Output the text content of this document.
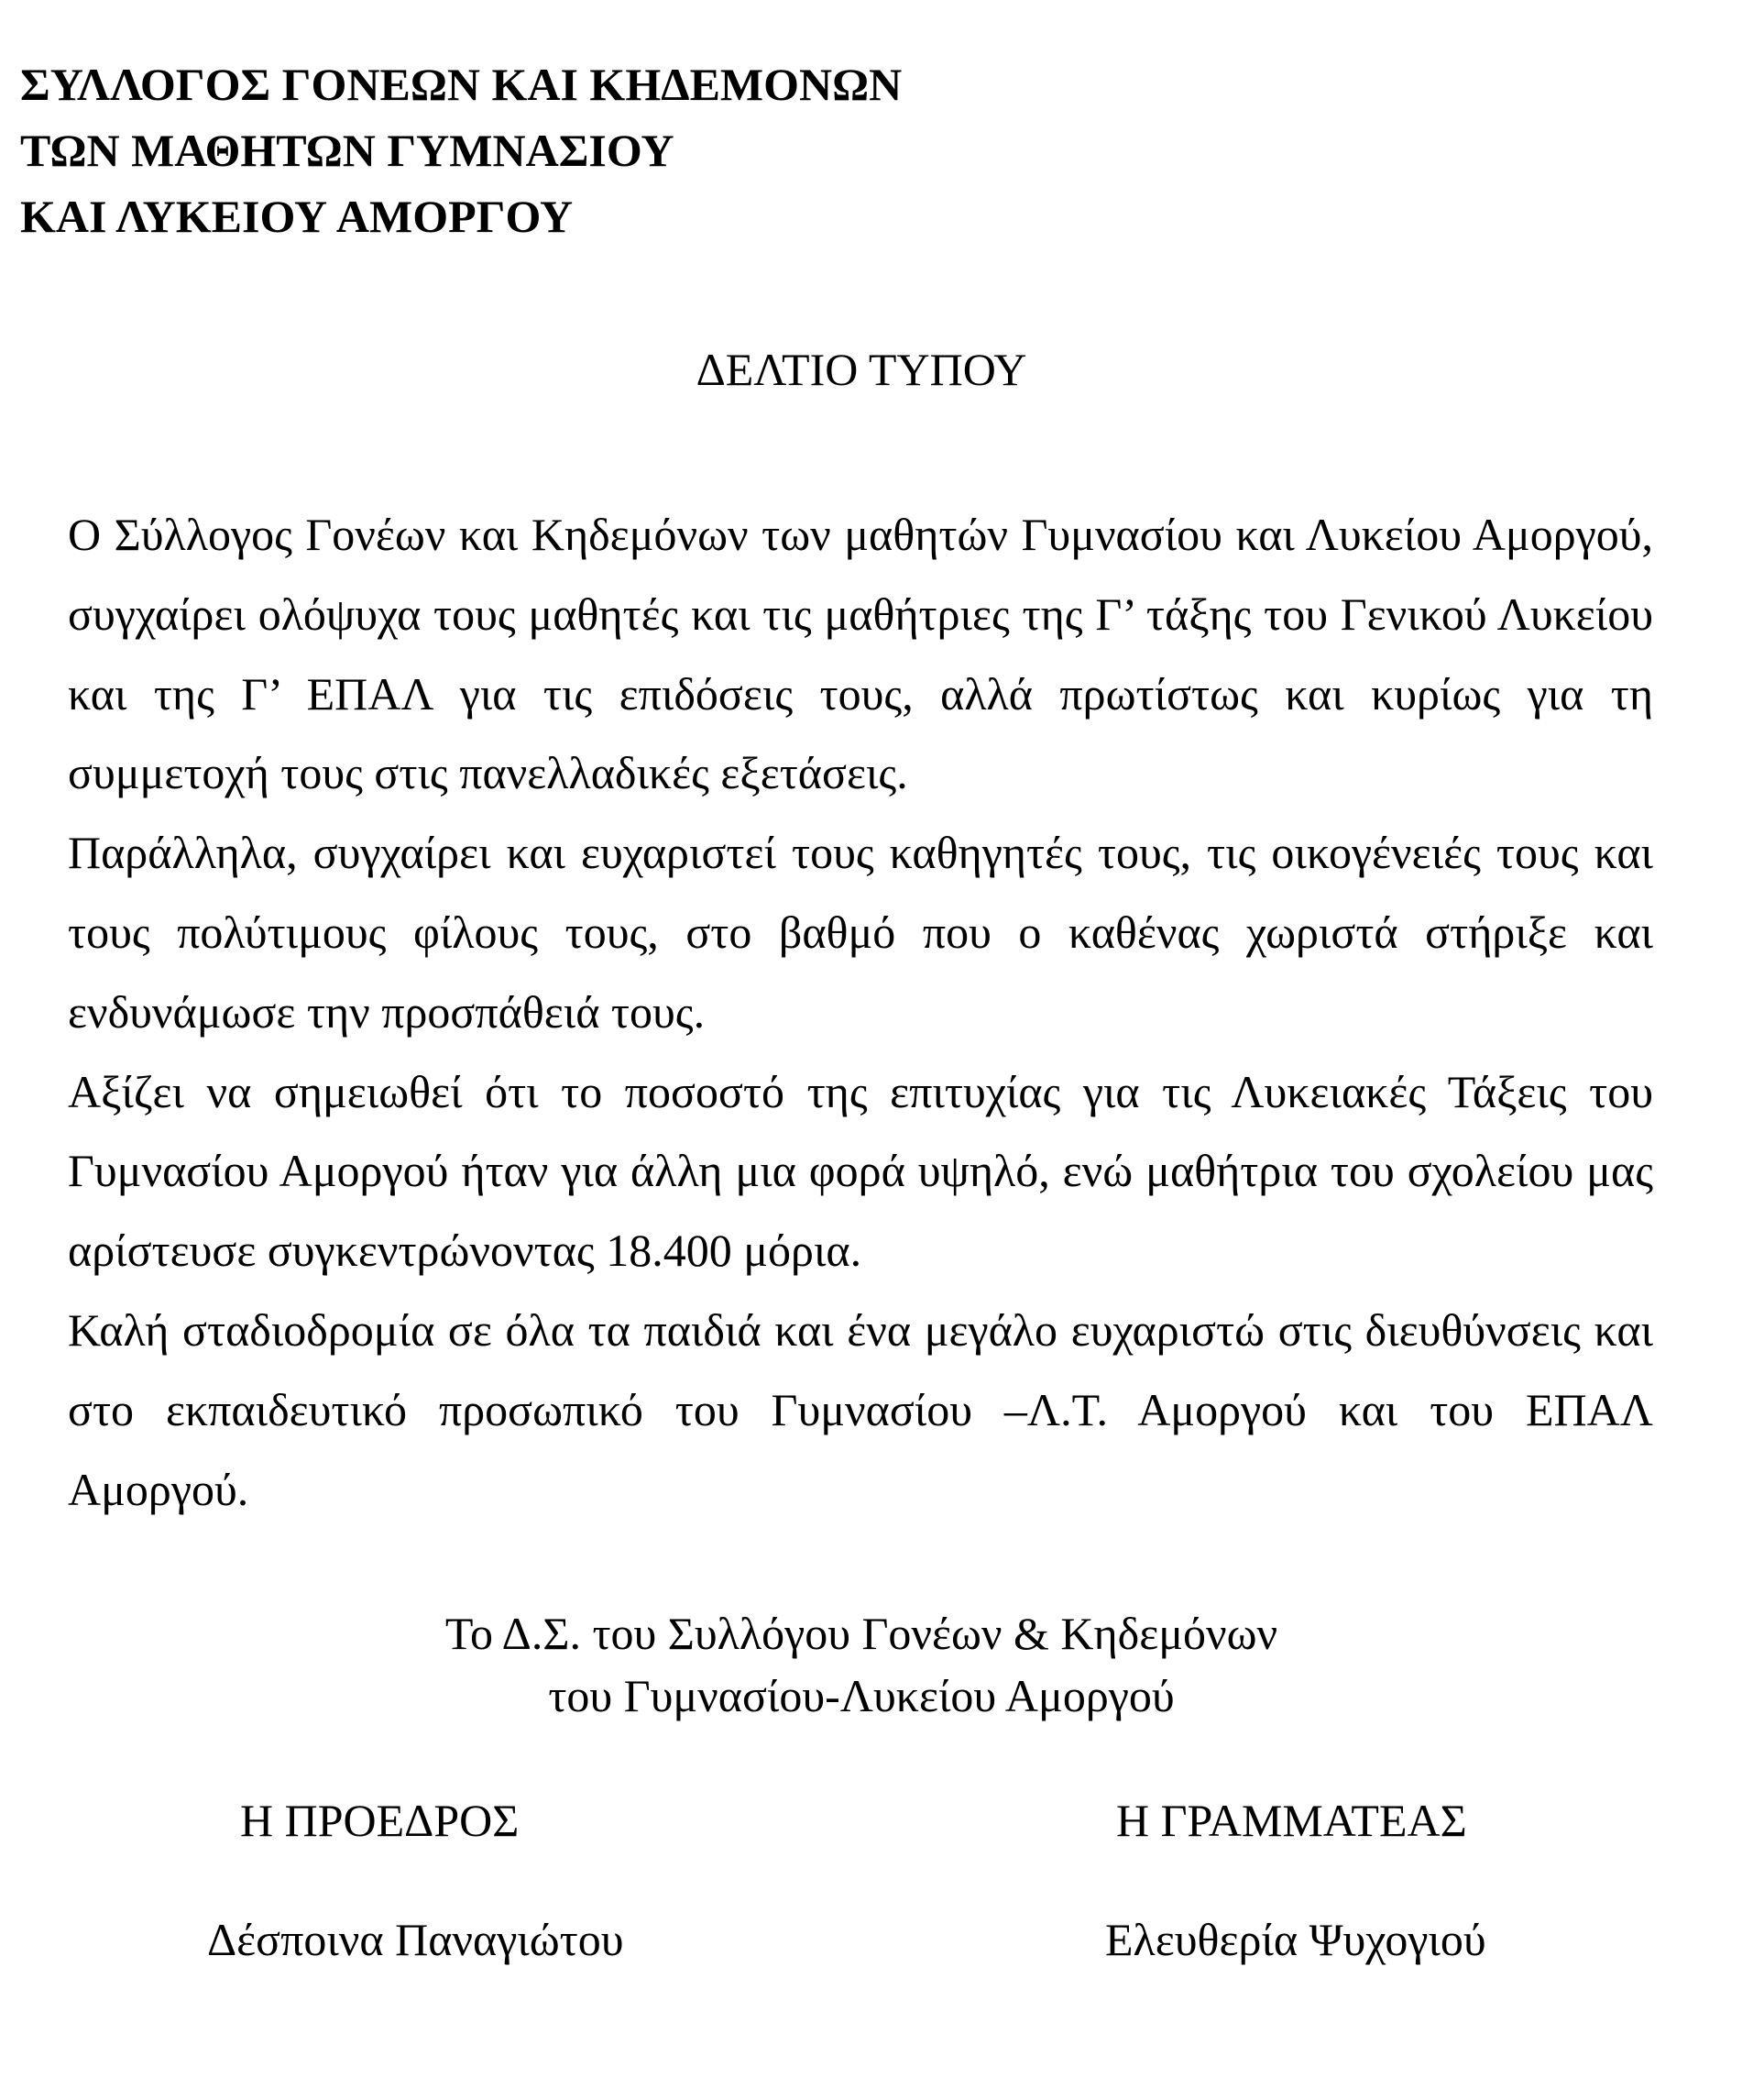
ΣΥΛΛΟΓΟΣ ΓΟΝΕΩΝ ΚΑΙ ΚΗΔΕΜΟΝΩΝ
ΤΩΝ ΜΑΘΗΤΩΝ ΓΥΜΝΑΣΙΟΥ
ΚΑΙ ΛΥΚΕΙΟΥ ΑΜΟΡΓΟΥ
ΔΕΛΤΙΟ ΤΥΠΟΥ

Ο Σύλλογος Γονέων και Κηδεμόνων των μαθητών Γυμνασίου και Λυκείου Αμοργού, συγχαίρει ολόψυχα τους μαθητές και τις μαθήτριες της Γ’ τάξης του Γενικού Λυκείου και της Γ’ ΕΠΑΛ για τις επιδόσεις τους, αλλά πρωτίστως και κυρίως για τη συμμετοχή τους στις πανελλαδικές εξετάσεις.

Παράλληλα, συγχαίρει και ευχαριστεί τους καθηγητές τους, τις οικογένειές τους και τους πολύτιμους φίλους τους, στο βαθμό που ο καθένας χωριστά στήριξε και ενδυνάμωσε την προσπάθειά τους.

Αξίζει να σημειωθεί ότι το ποσοστό της επιτυχίας για τις Λυκειακές Τάξεις του Γυμνασίου Αμοργού ήταν για άλλη μια φορά υψηλό, ενώ μαθήτρια του σχολείου μας αρίστευσε συγκεντρώνοντας 18.400 μόρια.

Καλή σταδιοδρομία σε όλα τα παιδιά και ένα μεγάλο ευχαριστώ στις διευθύνσεις και στο εκπαιδευτικό προσωπικό του Γυμνασίου –Λ.Τ. Αμοργού και του ΕΠΑΛ Αμοργού.

Το Δ.Σ. του Συλλόγου Γονέων & Κηδεμόνων
του Γυμνασίου-Λυκείου Αμοργού
Η ΠΡΟΕΔΡΟΣ	Η ΓΡΑΜΜΑΤΕΑΣ
Δέσποινα Παναγιώτου	Ελευθερία Ψυχογιού
